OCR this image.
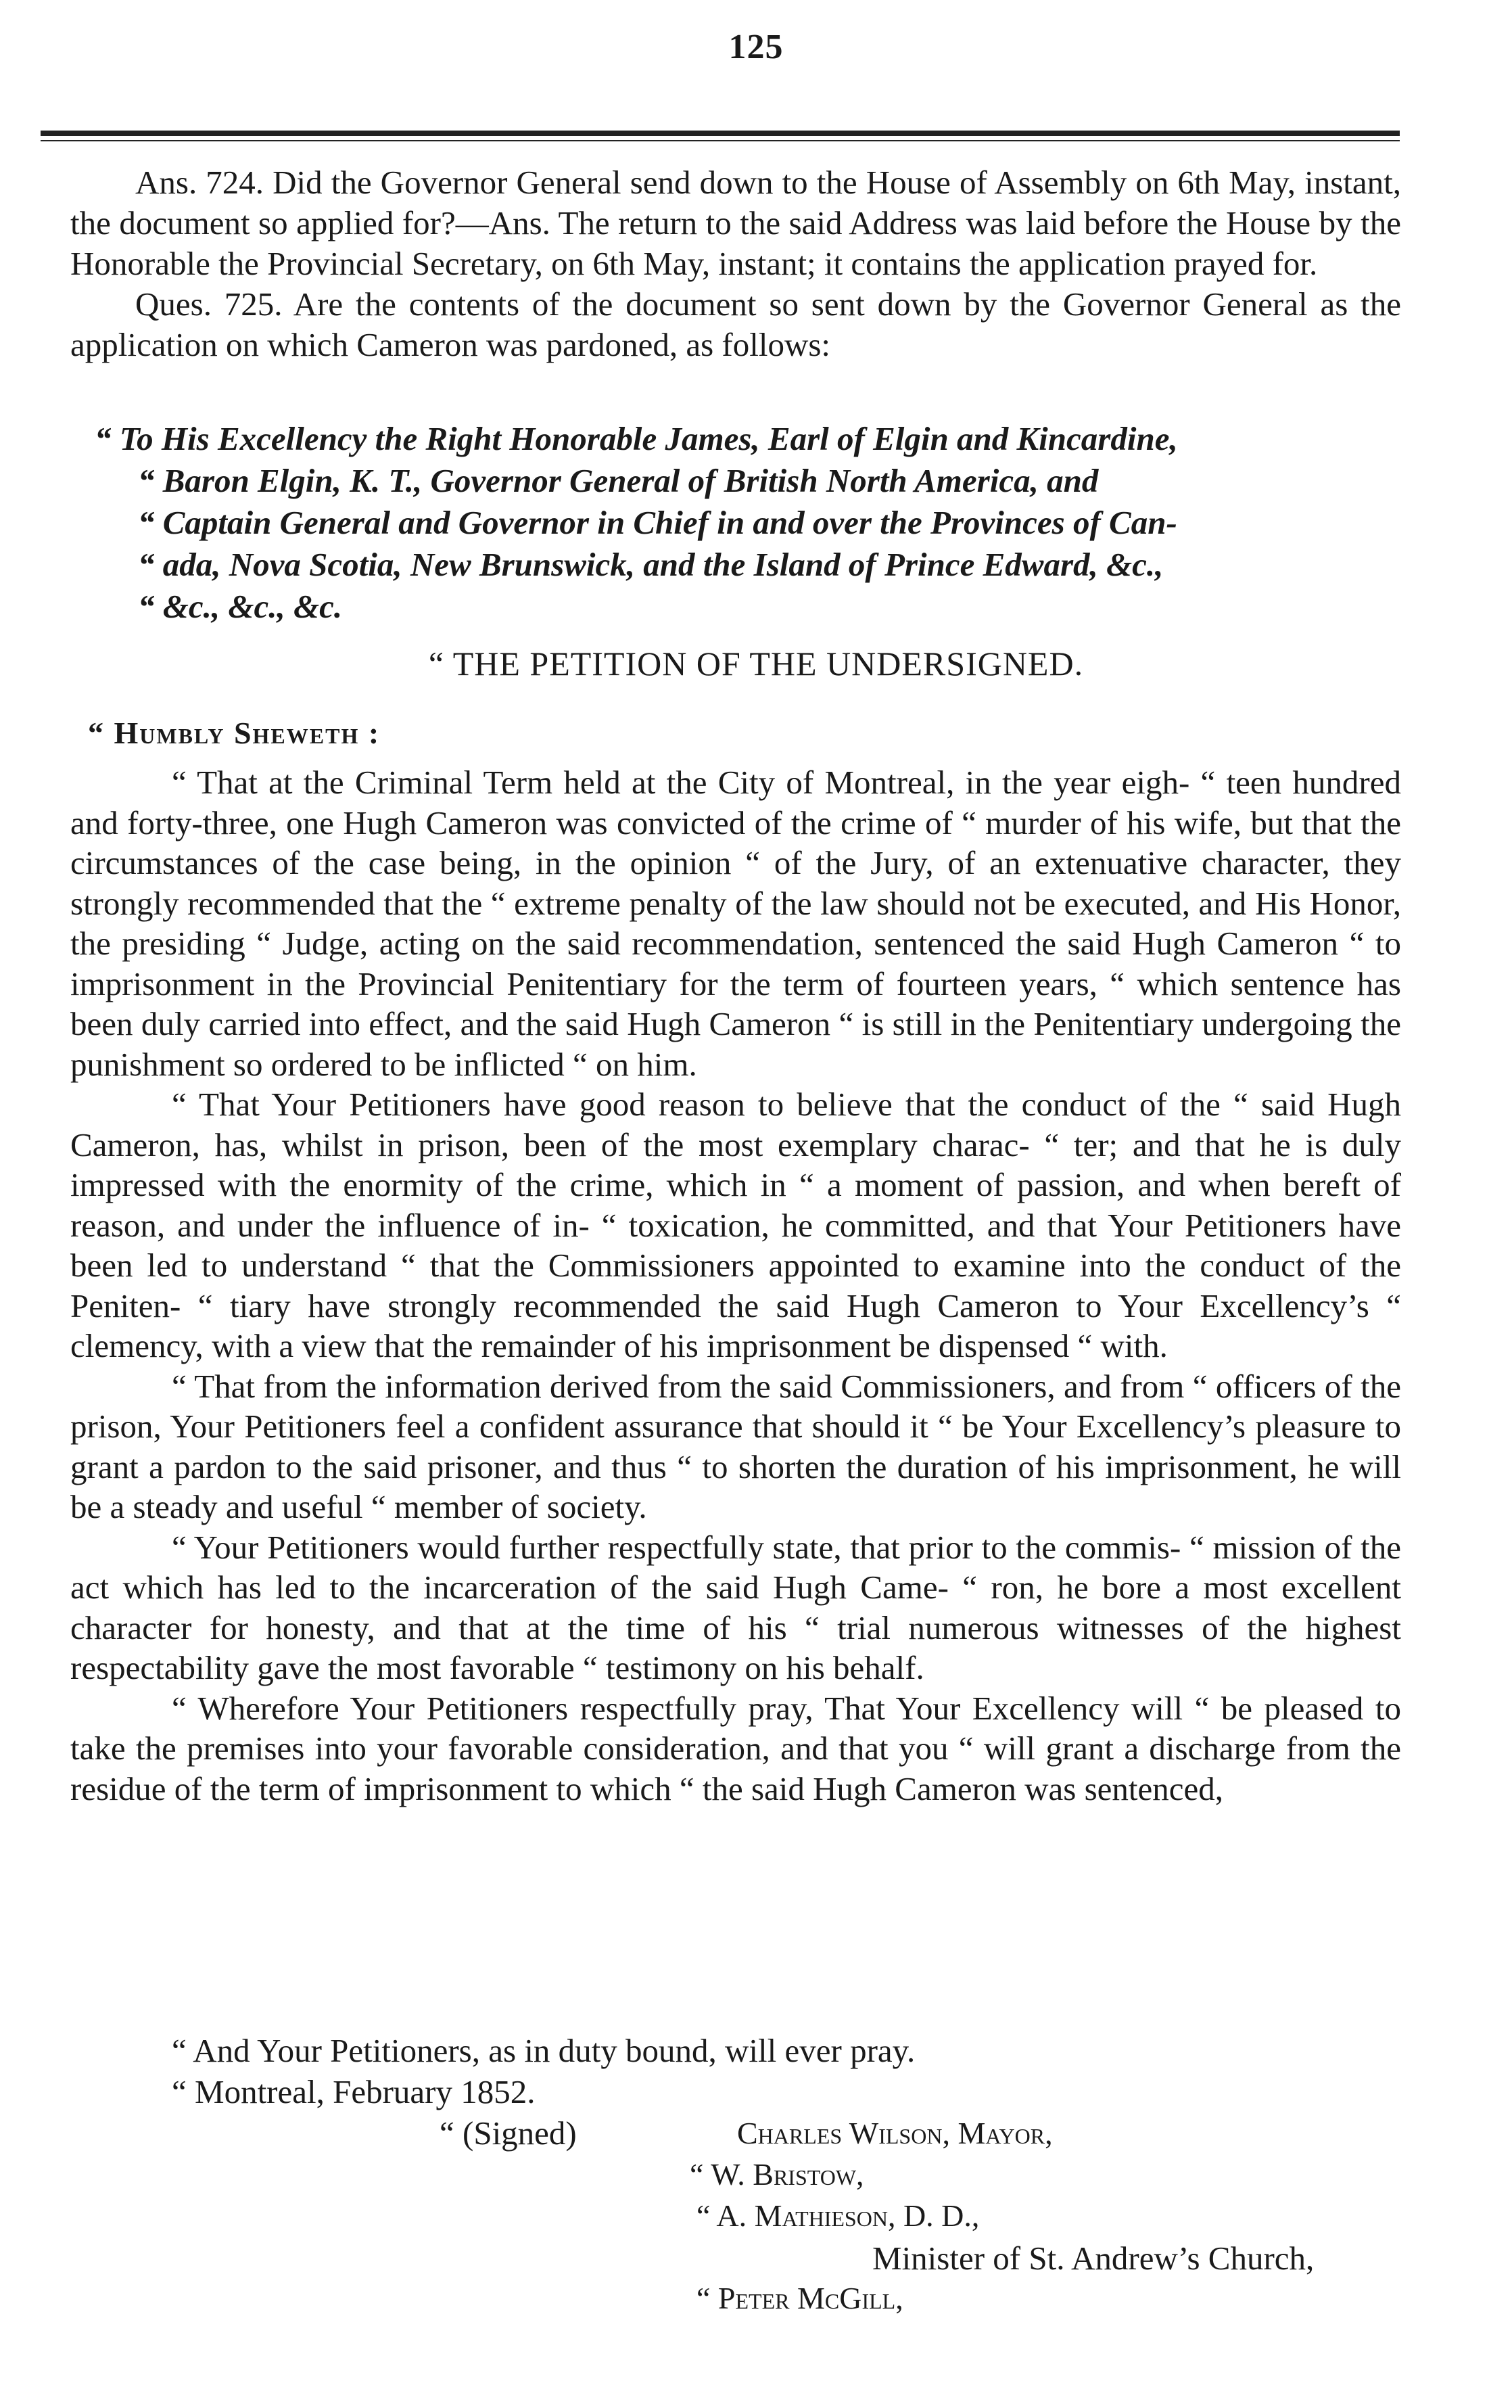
125

Ans. 724. Did the Governor General send down to the House of Assembly on 6th May, instant, the document so applied for?—Ans. The return to the said Address was laid before the House by the Honorable the Provincial Secretary, on 6th May, instant; it contains the application prayed for.

Ques. 725. Are the contents of the document so sent down by the Governor General as the application on which Cameron was pardoned, as follows:

“ To His Excellency the Right Honorable James, Earl of Elgin and Kincardine,
“ Baron Elgin, K. T., Governor General of British North America, and
“ Captain General and Governor in Chief in and over the Provinces of Can-
“ ada, Nova Scotia, New Brunswick, and the Island of Prince Edward, &c.,
“ &c., &c., &c.
“ THE PETITION OF THE UNDERSIGNED.
“ Humbly Sheweth :

“ That at the Criminal Term held at the City of Montreal, in the year eigh- “ teen hundred and forty-three, one Hugh Cameron was convicted of the crime of “ murder of his wife, but that the circumstances of the case being, in the opinion “ of the Jury, of an extenuative character, they strongly recommended that the “ extreme penalty of the law should not be executed, and His Honor, the presiding “ Judge, acting on the said recommendation, sentenced the said Hugh Cameron “ to imprisonment in the Provincial Penitentiary for the term of fourteen years, “ which sentence has been duly carried into effect, and the said Hugh Cameron “ is still in the Penitentiary undergoing the punishment so ordered to be inflicted “ on him.

“ That Your Petitioners have good reason to believe that the conduct of the “ said Hugh Cameron, has, whilst in prison, been of the most exemplary charac- “ ter; and that he is duly impressed with the enormity of the crime, which in “ a moment of passion, and when bereft of reason, and under the influence of in- “ toxication, he committed, and that Your Petitioners have been led to understand “ that the Commissioners appointed to examine into the conduct of the Peniten- “ tiary have strongly recommended the said Hugh Cameron to Your Excellency’s “ clemency, with a view that the remainder of his imprisonment be dispensed “ with.

“ That from the information derived from the said Commissioners, and from “ officers of the prison, Your Petitioners feel a confident assurance that should it “ be Your Excellency’s pleasure to grant a pardon to the said prisoner, and thus “ to shorten the duration of his imprisonment, he will be a steady and useful “ member of society.

“ Your Petitioners would further respectfully state, that prior to the commis- “ mission of the act which has led to the incarceration of the said Hugh Came- “ ron, he bore a most excellent character for honesty, and that at the time of his “ trial numerous witnesses of the highest respectability gave the most favorable “ testimony on his behalf.

“ Wherefore Your Petitioners respectfully pray, That Your Excellency will “ be pleased to take the premises into your favorable consideration, and that you “ will grant a discharge from the residue of the term of imprisonment to which “ the said Hugh Cameron was sentenced,

“ And Your Petitioners, as in duty bound, will ever pray.
“ Montreal, February 1852.
“ (Signed)	Charles Wilson, Mayor,
“ W. Bristow,
“ A. Mathieson, D. D.,
Minister of St. Andrew’s Church,
“ Peter McGill,
